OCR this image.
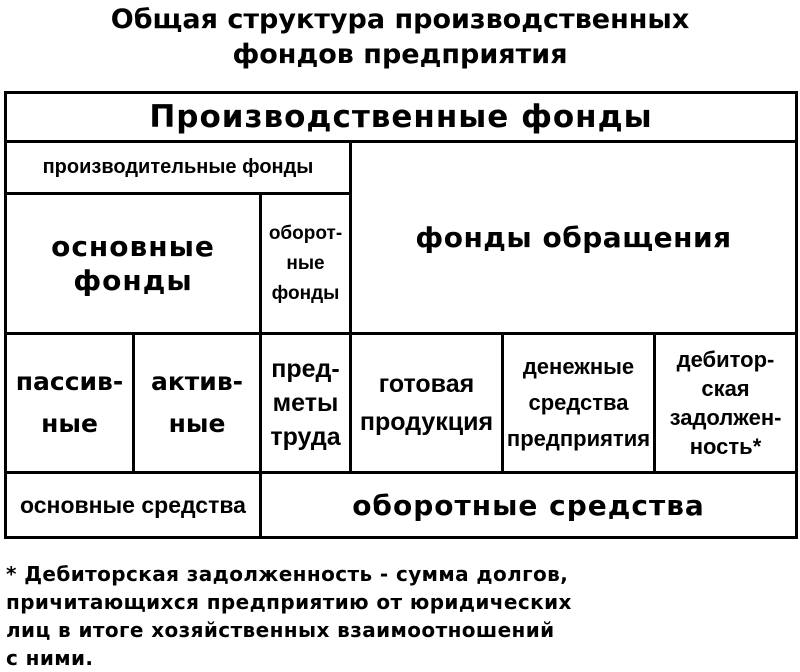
Общая структура производственных
фондов предприятия
Производственные фонды
производительные фонды
фонды обращения
основные
фонды
оборот-
ные
фонды
пассив-
ные
актив-
ные
пред-
меты
труда
готовая
продукция
денежные
средства
предприятия
дебитор-
ская
задолжен-
ность*
основные средства	оборотные средства
* Дебиторская задолженность - сумма долгов,
причитающихся предприятию от юридических
лиц в итоге хозяйственных взаимоотношений
с ними.
